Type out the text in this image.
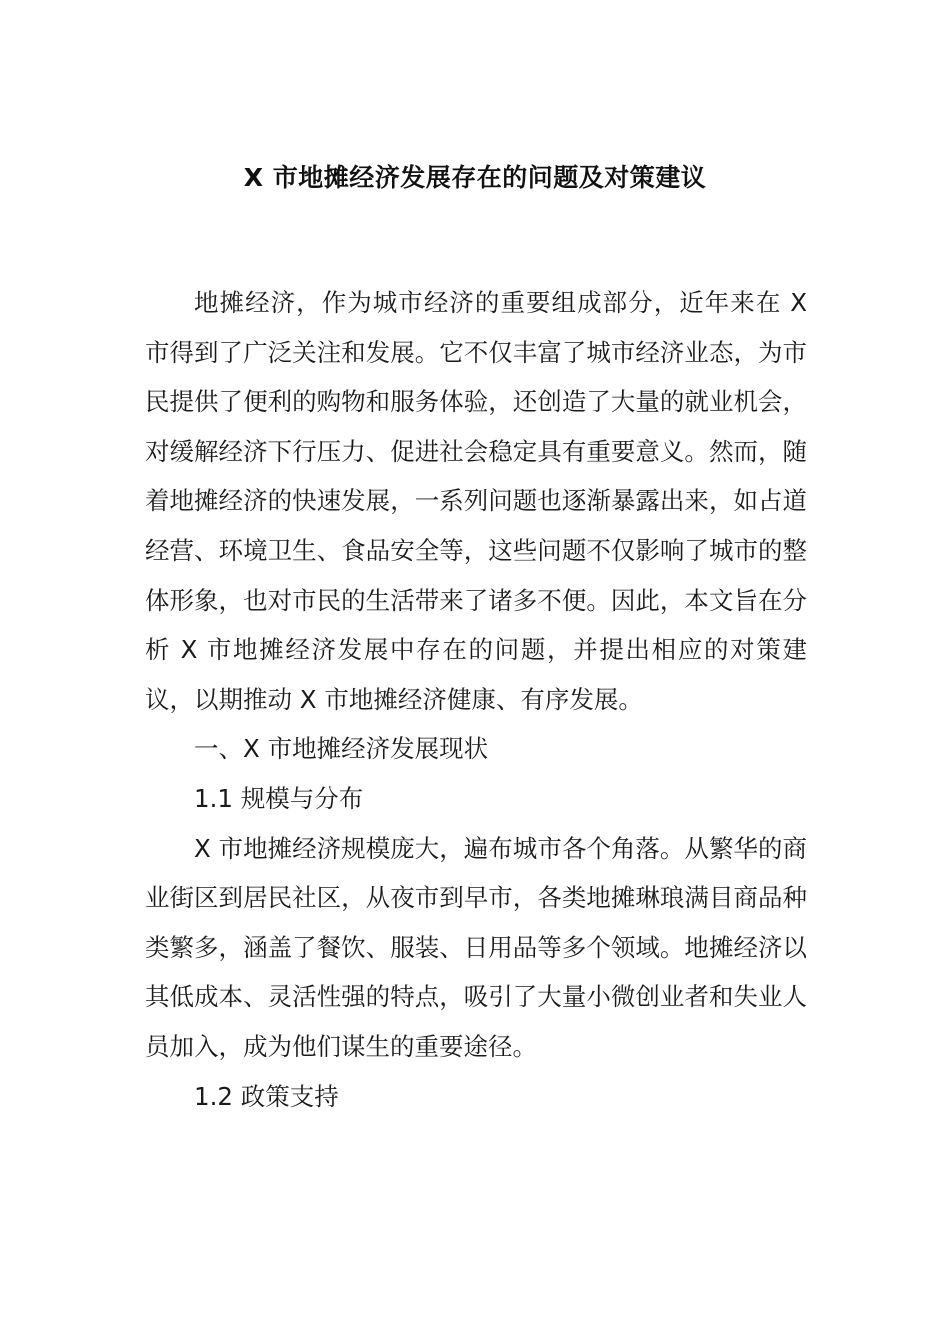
X 市地摊经济发展存在的问题及对策建议

地摊经济，作为城市经济的重要组成部分，近年来在 X 市得到了广泛关注和发展。它不仅丰富了城市经济业态，为市民提供了便利的购物和服务体验，还创造了大量的就业机会，对缓解经济下行压力、促进社会稳定具有重要意义。然而，随着地摊经济的快速发展，一系列问题也逐渐暴露出来，如占道经营、环境卫生、食品安全等，这些问题不仅影响了城市的整体形象，也对市民的生活带来了诸多不便。因此，本文旨在分析 X 市地摊经济发展中存在的问题，并提出相应的对策建议，以期推动 X 市地摊经济健康、有序发展。

一、X 市地摊经济发展现状

1.1 规模与分布

X 市地摊经济规模庞大，遍布城市各个角落。从繁华的商业街区到居民社区，从夜市到早市，各类地摊琳琅满目商品种类繁多，涵盖了餐饮、服装、日用品等多个领域。地摊经济以其低成本、灵活性强的特点，吸引了大量小微创业者和失业人员加入，成为他们谋生的重要途径。

1.2 政策支持
